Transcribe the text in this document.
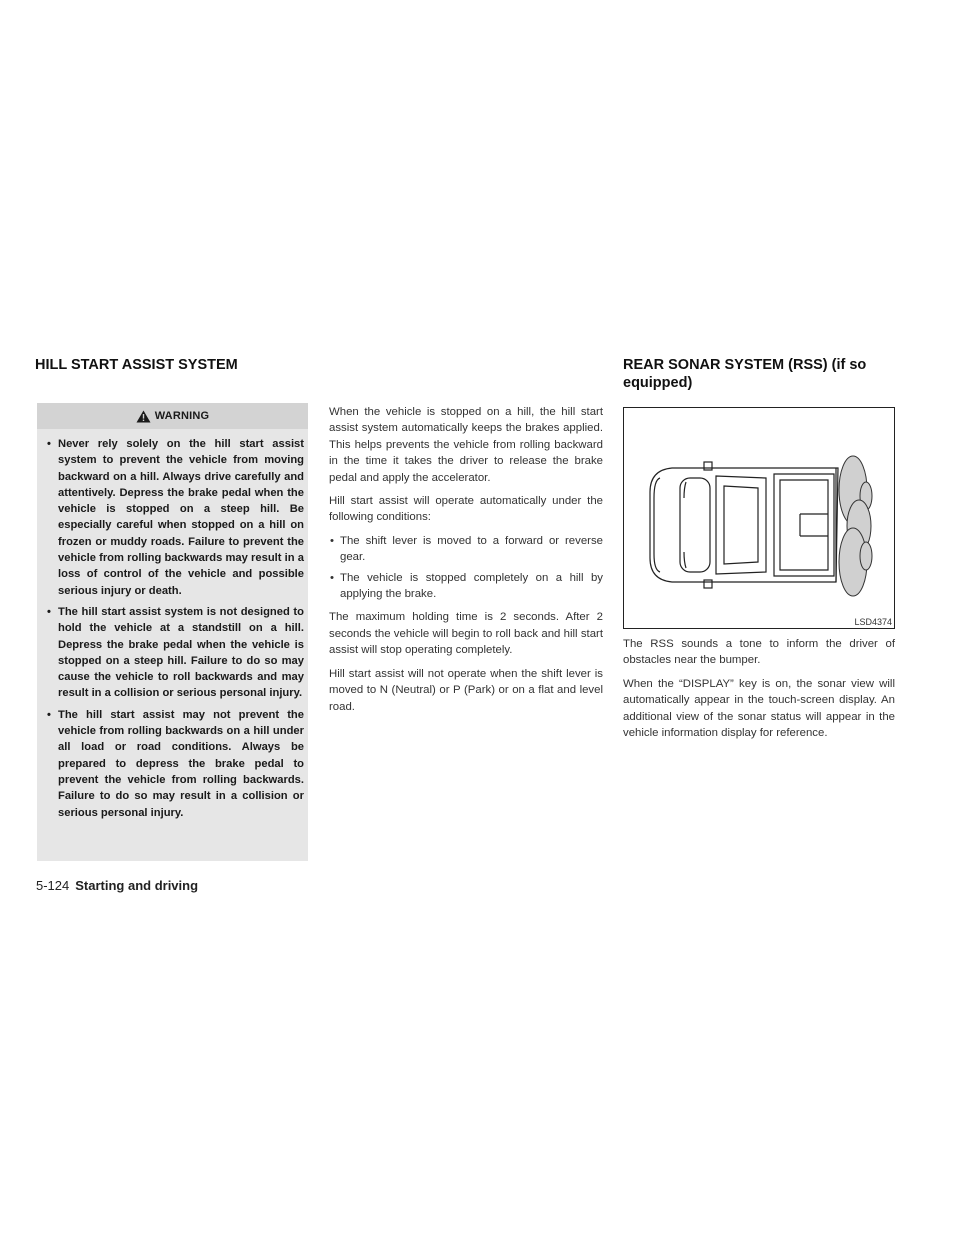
HILL START ASSIST SYSTEM	REAR SONAR SYSTEM (RSS) (if so equipped)
WARNING
• Never rely solely on the hill start assist system to prevent the vehicle from moving backward on a hill. Always drive carefully and attentively. Depress the brake pedal when the vehicle is stopped on a steep hill. Be especially careful when stopped on a hill on frozen or muddy roads. Failure to prevent the vehicle from rolling backwards may result in a loss of control of the vehicle and possible serious injury or death.
• The hill start assist system is not designed to hold the vehicle at a standstill on a hill. Depress the brake pedal when the vehicle is stopped on a steep hill. Failure to do so may cause the vehicle to roll backwards and may result in a collision or serious personal injury.
• The hill start assist may not prevent the vehicle from rolling backwards on a hill under all load or road conditions. Always be prepared to depress the brake pedal to prevent the vehicle from rolling backwards. Failure to do so may result in a collision or serious personal injury.

When the vehicle is stopped on a hill, the hill start assist system automatically keeps the brakes applied. This helps prevents the vehicle from rolling backward in the time it takes the driver to release the brake pedal and apply the accelerator.

Hill start assist will operate automatically under the following conditions:

• The shift lever is moved to a forward or reverse gear.
• The vehicle is stopped completely on a hill by applying the brake.

The maximum holding time is 2 seconds. After 2 seconds the vehicle will begin to roll back and hill start assist will stop operating completely.

Hill start assist will not operate when the shift lever is moved to N (Neutral) or P (Park) or on a flat and level road.

LSD4374

The RSS sounds a tone to inform the driver of obstacles near the bumper.

When the “DISPLAY” key is on, the sonar view will automatically appear in the touch-screen display. An additional view of the sonar status will appear in the vehicle information display for reference.

5-124 Starting and driving
